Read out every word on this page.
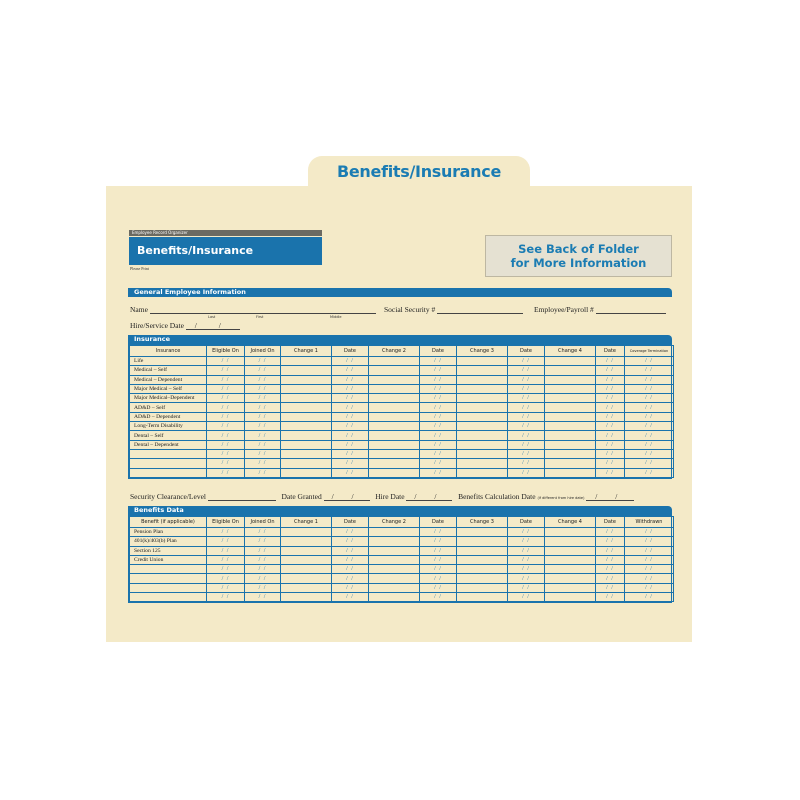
Benefits/Insurance
Employee Record Organizer
Benefits/Insurance
Please Print
See Back of Folder
for More Information
General Employee Information
Name
Last	First	Middle
Social Security #	Employee/Payroll #
Hire/Service Date / /
Insurance
Insurance	Eligible On	Joined On	Change 1	Date	Change 2	Date	Change 3	Date	Change 4	Date	Coverage Termination
Life	/ /	/ /		/ /		/ /		/ /		/ /	/ /
Medical – Self	/ /	/ /		/ /		/ /		/ /		/ /	/ /
Medical – Dependent	/ /	/ /		/ /		/ /		/ /		/ /	/ /
Major Medical – Self	/ /	/ /		/ /		/ /		/ /		/ /	/ /
Major Medical–Dependent	/ /	/ /		/ /		/ /		/ /		/ /	/ /
AD&D – Self	/ /	/ /		/ /		/ /		/ /		/ /	/ /
AD&D – Dependent	/ /	/ /		/ /		/ /		/ /		/ /	/ /
Long-Term Disability	/ /	/ /		/ /		/ /		/ /		/ /	/ /
Dental – Self	/ /	/ /		/ /		/ /		/ /		/ /	/ /
Dental – Dependent	/ /	/ /		/ /		/ /		/ /		/ /	/ /
	/ /	/ /		/ /		/ /		/ /		/ /	/ /
	/ /	/ /		/ /		/ /		/ /		/ /	/ /
	/ /	/ /		/ /		/ /		/ /		/ /	/ /
Security Clearance/Level	Date Granted / / Hire Date / / Benefits Calculation Date (if different from hire date) / /
Benefits Data
Benefit (if applicable)	Eligible On	Joined On	Change 1	Date	Change 2	Date	Change 3	Date	Change 4	Date	Withdrawn
Pension Plan	/ /	/ /		/ /		/ /		/ /		/ /	/ /
401(k)/403(b) Plan	/ /	/ /		/ /		/ /		/ /		/ /	/ /
Section 125	/ /	/ /		/ /		/ /		/ /		/ /	/ /
Credit Union	/ /	/ /		/ /		/ /		/ /		/ /	/ /
	/ /	/ /		/ /		/ /		/ /		/ /	/ /
	/ /	/ /		/ /		/ /		/ /		/ /	/ /
	/ /	/ /		/ /		/ /		/ /		/ /	/ /
	/ /	/ /		/ /		/ /		/ /		/ /	/ /
